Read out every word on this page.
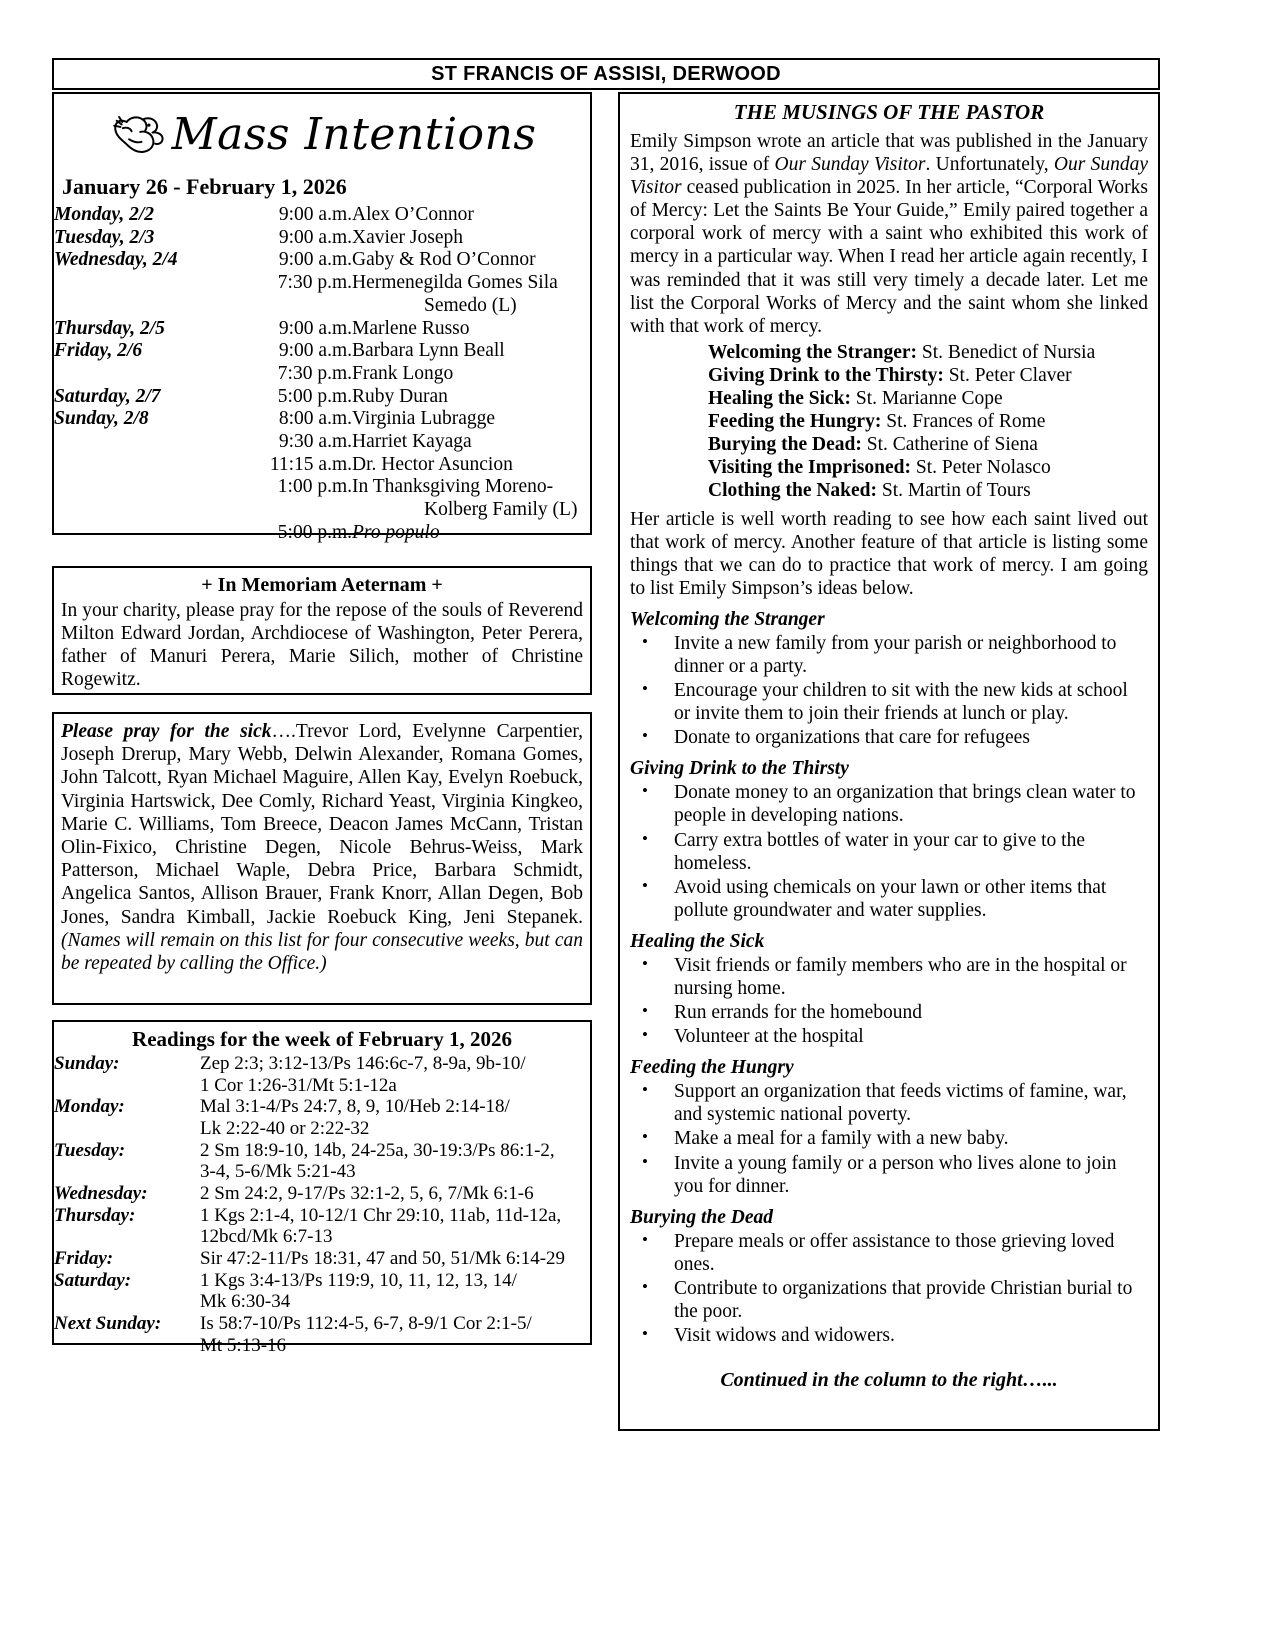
ST FRANCIS OF ASSISI, DERWOOD
Mass Intentions
January 26 - February 1, 2026
Monday, 2/2	9:00 a.m.	Alex O’Connor
Tuesday, 2/3	9:00 a.m.	Xavier Joseph
Wednesday, 2/4	9:00 a.m.	Gaby & Rod O’Connor
	7:30 p.m.	Hermenegilda Gomes Sila
		Semedo (L)
Thursday, 2/5	9:00 a.m.	Marlene Russo
Friday, 2/6	9:00 a.m.	Barbara Lynn Beall
	7:30 p.m.	Frank Longo
Saturday, 2/7	5:00 p.m.	Ruby Duran
Sunday, 2/8	8:00 a.m.	Virginia Lubragge
	9:30 a.m.	Harriet Kayaga
	11:15 a.m.	Dr. Hector Asuncion
	1:00 p.m.	In Thanksgiving Moreno-
		Kolberg Family (L)
	5:00 p.m.	Pro populo
+ In Memoriam Aeternam +
In your charity, please pray for the repose of the souls of Reverend Milton Edward Jordan, Archdiocese of Washington, Peter Perera, father of Manuri Perera, Marie Silich, mother of Christine Rogewitz.
Please pray for the sick….Trevor Lord, Evelynne Carpentier, Joseph Drerup, Mary Webb, Delwin Alexander, Romana Gomes, John Talcott, Ryan Michael Maguire, Allen Kay, Evelyn Roebuck, Virginia Hartswick, Dee Comly, Richard Yeast, Virginia Kingkeo, Marie C. Williams, Tom Breece, Deacon James McCann, Tristan Olin-Fixico, Christine Degen, Nicole Behrus-Weiss, Mark Patterson, Michael Waple, Debra Price, Barbara Schmidt, Angelica Santos, Allison Brauer, Frank Knorr, Allan Degen, Bob Jones, Sandra Kimball, Jackie Roebuck King, Jeni Stepanek. (Names will remain on this list for four consecutive weeks, but can be repeated by calling the Office.)
Readings for the week of February 1, 2026
Sunday:	Zep 2:3; 3:12-13/Ps 146:6c-7, 8-9a, 9b-10/
1 Cor 1:26-31/Mt 5:1-12a

Monday:	Mal 3:1-4/Ps 24:7, 8, 9, 10/Heb 2:14-18/
Lk 2:22-40 or 2:22-32

Tuesday:	2 Sm 18:9-10, 14b, 24-25a, 30-19:3/Ps 86:1-2,
3-4, 5-6/Mk 5:21-43

Wednesday:	2 Sm 24:2, 9-17/Ps 32:1-2, 5, 6, 7/Mk 6:1-6

Thursday:	1 Kgs 2:1-4, 10-12/1 Chr 29:10, 11ab, 11d-12a,
12bcd/Mk 6:7-13

Friday:	Sir 47:2-11/Ps 18:31, 47 and 50, 51/Mk 6:14-29

Saturday:	1 Kgs 3:4-13/Ps 119:9, 10, 11, 12, 13, 14/
Mk 6:30-34

Next Sunday:	Is 58:7-10/Ps 112:4-5, 6-7, 8-9/1 Cor 2:1-5/
Mt 5:13-16
THE MUSINGS OF THE PASTOR

Emily Simpson wrote an article that was published in the January 31, 2016, issue of Our Sunday Visitor. Unfortunately, Our Sunday Visitor ceased publication in 2025. In her article, “Corporal Works of Mercy: Let the Saints Be Your Guide,” Emily paired together a corporal work of mercy with a saint who exhibited this work of mercy in a particular way. When I read her article again recently, I was reminded that it was still very timely a decade later. Let me list the Corporal Works of Mercy and the saint whom she linked with that work of mercy.

Welcoming the Stranger: St. Benedict of Nursia
Giving Drink to the Thirsty: St. Peter Claver
Healing the Sick: St. Marianne Cope
Feeding the Hungry: St. Frances of Rome
Burying the Dead: St. Catherine of Siena
Visiting the Imprisoned: St. Peter Nolasco
Clothing the Naked: St. Martin of Tours

Her article is well worth reading to see how each saint lived out that work of mercy. Another feature of that article is listing some things that we can do to practice that work of mercy. I am going to list Emily Simpson’s ideas below.

Welcoming the Stranger
• Invite a new family from your parish or neighborhood to dinner or a party.
• Encourage your children to sit with the new kids at school or invite them to join their friends at lunch or play.
• Donate to organizations that care for refugees
Giving Drink to the Thirsty
• Donate money to an organization that brings clean water to people in developing nations.
• Carry extra bottles of water in your car to give to the homeless.
• Avoid using chemicals on your lawn or other items that pollute groundwater and water supplies.
Healing the Sick
• Visit friends or family members who are in the hospital or nursing home.
• Run errands for the homebound
• Volunteer at the hospital
Feeding the Hungry
• Support an organization that feeds victims of famine, war, and systemic national poverty.
• Make a meal for a family with a new baby.
• Invite a young family or a person who lives alone to join you for dinner.
Burying the Dead
• Prepare meals or offer assistance to those grieving loved ones.
• Contribute to organizations that provide Christian burial to the poor.
• Visit widows and widowers.
Continued in the column to the right…...
